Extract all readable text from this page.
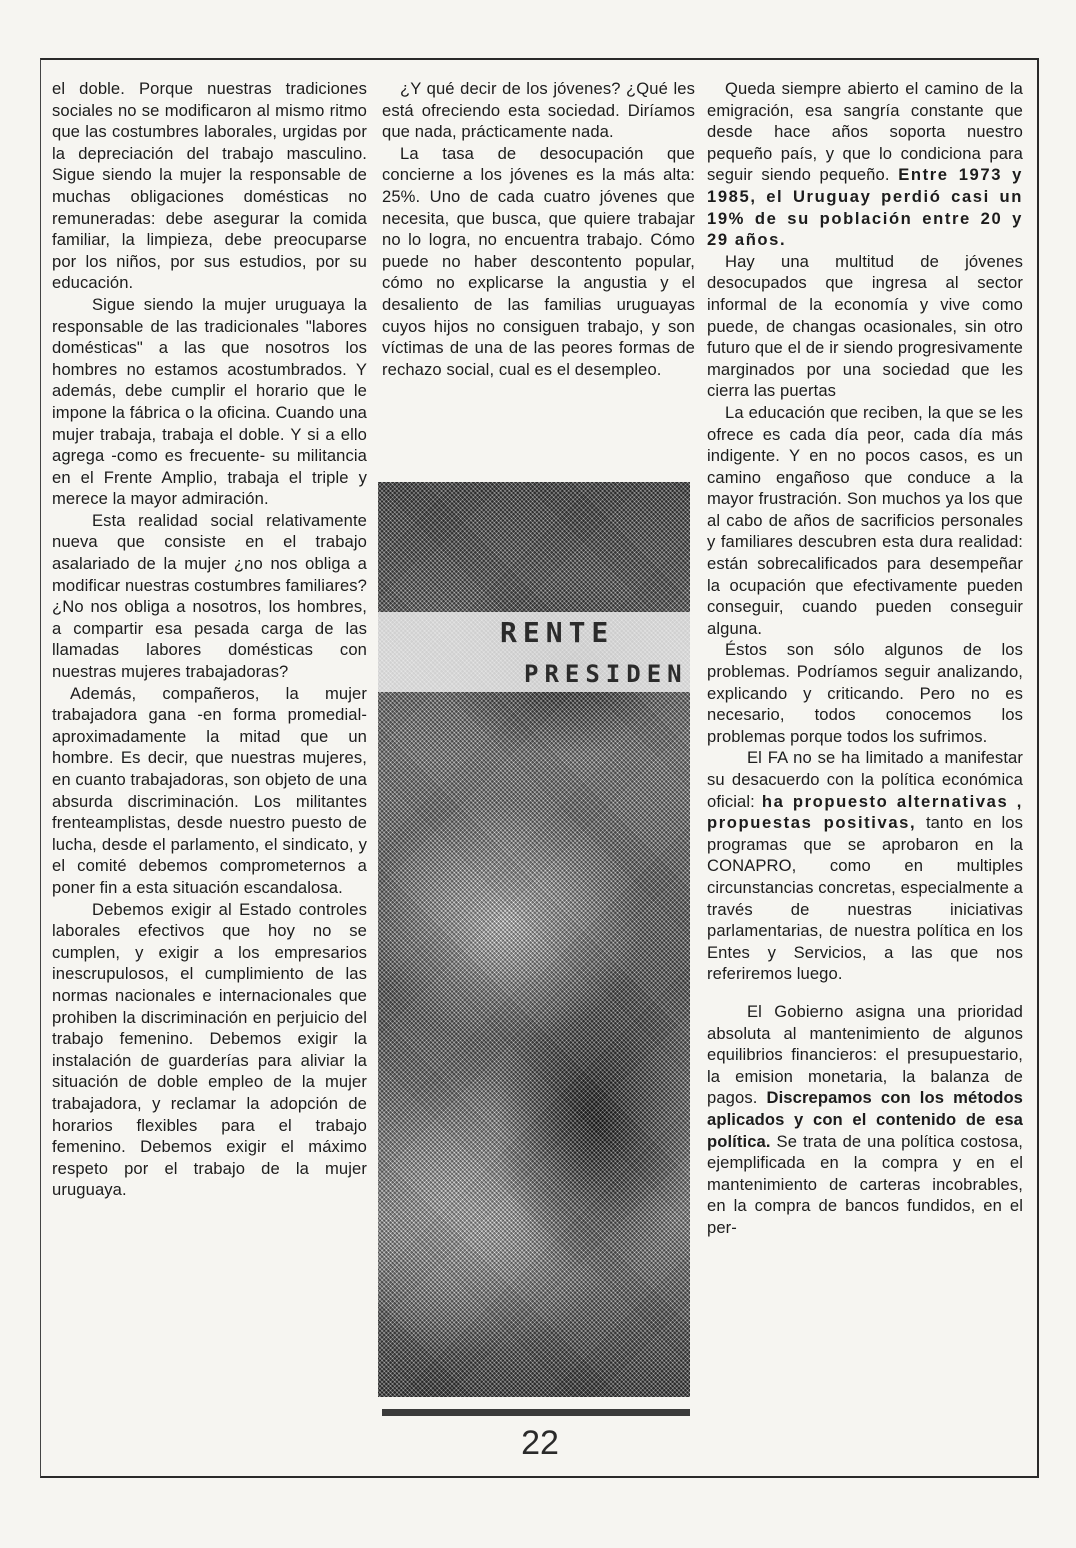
el doble. Porque nuestras tradiciones sociales no se modificaron al mismo ritmo que las costumbres laborales, urgidas por la depreciación del trabajo masculino. Sigue siendo la mujer la responsable de muchas obligaciones domésticas no remuneradas: debe asegurar la comida familiar, la limpieza, debe preocuparse por los niños, por sus estudios, por su educación.

Sigue siendo la mujer uruguaya la responsable de las tradicionales "labores domésticas" a las que nosotros los hombres no estamos acostumbrados. Y además, debe cumplir el horario que le impone la fábrica o la oficina. Cuando una mujer trabaja, trabaja el doble. Y si a ello agrega -como es frecuente- su militancia en el Frente Amplio, trabaja el triple y merece la mayor admiración.

Esta realidad social relativamente nueva que consiste en el trabajo asalariado de la mujer ¿no nos obliga a modificar nuestras costumbres familiares? ¿No nos obliga a nosotros, los hombres, a compartir esa pesada carga de las llamadas labores domésticas con nuestras mujeres trabajadoras?

Además, compañeros, la mujer trabajadora gana -en forma promedial- aproximadamente la mitad que un hombre. Es decir, que nuestras mujeres, en cuanto trabajadoras, son objeto de una absurda discriminación. Los militantes frenteamplistas, desde nuestro puesto de lucha, desde el parlamento, el sindicato, y el comité debemos comprometernos a poner fin a esta situación escandalosa.

Debemos exigir al Estado controles laborales efectivos que hoy no se cumplen, y exigir a los empresarios inescrupulosos, el cumplimiento de las normas nacionales e internacionales que prohiben la discriminación en perjuicio del trabajo femenino. Debemos exigir la instalación de guarderías para aliviar la situación de doble empleo de la mujer trabajadora, y reclamar la adopción de horarios flexibles para el trabajo femenino. Debemos exigir el máximo respeto por el trabajo de la mujer uruguaya.

¿Y qué decir de los jóvenes? ¿Qué les está ofreciendo esta sociedad. Diríamos que nada, prácticamente nada.

La tasa de desocupación que concierne a los jóvenes es la más alta: 25%. Uno de cada cuatro jóvenes que necesita, que busca, que quiere trabajar no lo logra, no encuentra trabajo. Cómo puede no haber descontento popular, cómo no explicarse la angustia y el desaliento de las familias uruguayas cuyos hijos no consiguen trabajo, y son víctimas de una de las peores formas de rechazo social, cual es el desempleo.

RENTE
PRESIDEN
22

Queda siempre abierto el camino de la emigración, esa sangría constante que desde hace años soporta nuestro pequeño país, y que lo condiciona para seguir siendo pequeño. Entre 1973 y 1985, el Uruguay perdió casi un 19% de su población entre 20 y 29 años.

Hay una multitud de jóvenes desocupados que ingresa al sector informal de la economía y vive como puede, de changas ocasionales, sin otro futuro que el de ir siendo progresivamente marginados por una sociedad que les cierra las puertas

La educación que reciben, la que se les ofrece es cada día peor, cada día más indigente. Y en no pocos casos, es un camino engañoso que conduce a la mayor frustración. Son muchos ya los que al cabo de años de sacrificios personales y familiares descubren esta dura realidad: están sobrecalificados para desempeñar la ocupación que efectivamente pueden conseguir, cuando pueden conseguir alguna.

Éstos son sólo algunos de los problemas. Podríamos seguir analizando, explicando y criticando. Pero no es necesario, todos conocemos los problemas porque todos los sufrimos.

El FA no se ha limitado a manifestar su desacuerdo con la política económica oficial: ha propuesto alternativas , propuestas positivas, tanto en los programas que se aprobaron en la CONAPRO, como en multiples circunstancias concretas, especialmente a través de nuestras iniciativas parlamentarias, de nuestra política en los Entes y Servicios, a las que nos referiremos luego.

El Gobierno asigna una prioridad absoluta al mantenimiento de algunos equilibrios financieros: el presupuestario, la emision monetaria, la balanza de pagos. Discrepamos con los métodos aplicados y con el contenido de esa política. Se trata de una política costosa, ejemplificada en la compra y en el mantenimiento de carteras incobrables, en la compra de bancos fundidos, en el per-
